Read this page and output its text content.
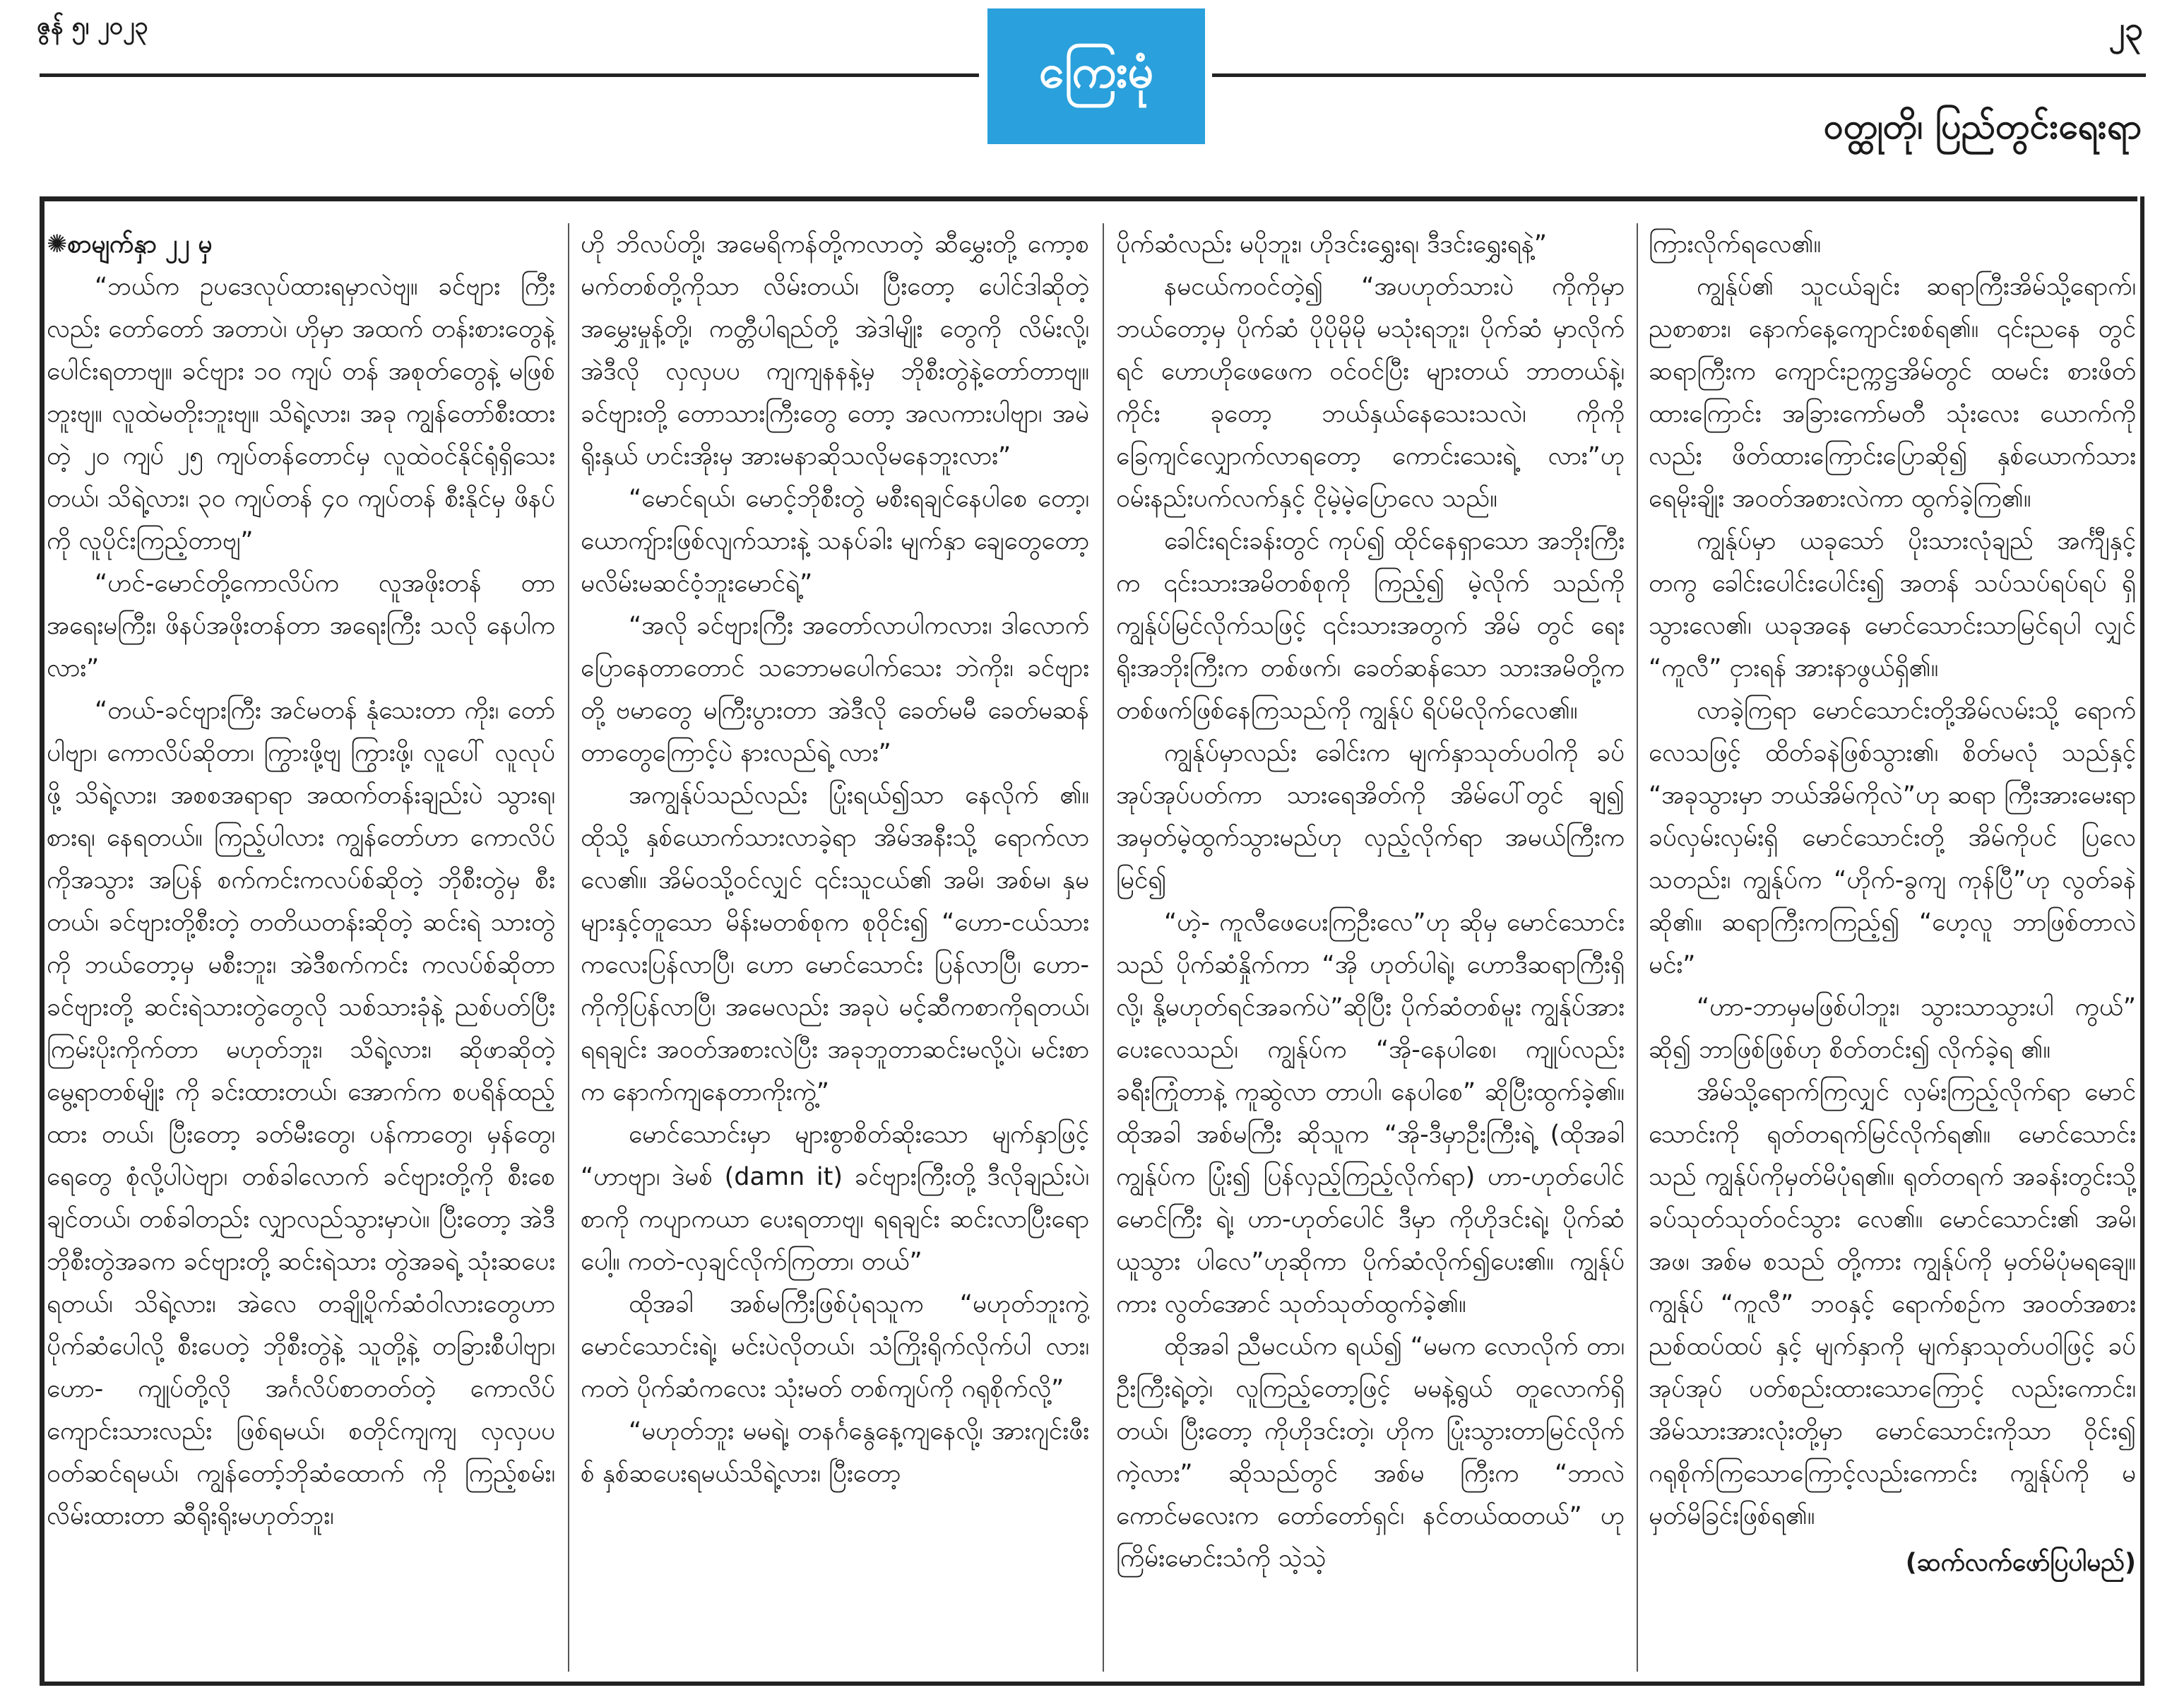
ဇွန် ၅၊ ၂၀၂၃	၂၃
ကြေးမုံ
ဝတ္ထုတို၊ ပြည်တွင်းရေးရာ

✺စာမျက်နှာ ၂၂ မှ

“ဘယ်က ဥပဒေလုပ်ထားရမှာလဲဗျ။ ခင်ဗျား ကြီးလည်း တော်တော် အတာပဲ၊ ဟိုမှာ အထက် တန်းစားတွေနဲ့ ပေါင်းရတာဗျ။ ခင်ဗျား ၁၀ ကျပ် တန် အစုတ်တွေနဲ့ မဖြစ်ဘူးဗျ။ လူထဲမတိုးဘူးဗျ။ သိရဲ့လား၊ အခု ကျွန်တော်စီးထားတဲ့ ၂၀ ကျပ် ၂၅ ကျပ်တန်တောင်မှ လူထဲဝင်နိုင်ရုံရှိသေးတယ်၊ သိရဲ့လား၊ ၃၀ ကျပ်တန် ၄၀ ကျပ်တန် စီးနိုင်မှ ဖိနပ်ကို လူပိုင်းကြည့်တာဗျ”

“ဟင်-မောင်တို့ကောလိပ်က လူအဖိုးတန် တာ အရေးမကြီး၊ ဖိနပ်အဖိုးတန်တာ အရေးကြီး သလို နေပါကလား”

“တယ်-ခင်ဗျားကြီး အင်မတန် နုံသေးတာ ကိုး၊ တော်ပါဗျာ၊ ကောလိပ်ဆိုတာ၊ ကြွားဖို့ဗျ ကြွားဖို့၊ လူပေါ် လူလုပ်ဖို့ သိရဲ့လား၊ အစစအရာရာ အထက်တန်းချည်းပဲ သွားရ၊ စားရ၊ နေရတယ်။ ကြည့်ပါလား ကျွန်တော်ဟာ ကောလိပ်ကိုအသွား အပြန် စက်ကင်းကလပ်စ်ဆိုတဲ့ ဘိုစီးတွဲမှ စီးတယ်၊ ခင်ဗျားတို့စီးတဲ့ တတိယတန်းဆိုတဲ့ ဆင်းရဲ သားတွဲကို ဘယ်တော့မှ မစီးဘူး၊ အဲဒီစက်ကင်း ကလပ်စ်ဆိုတာ ခင်ဗျားတို့ ဆင်းရဲသားတွဲတွေလို သစ်သားခုံနဲ့ ညစ်ပတ်ပြီး ကြမ်းပိုးကိုက်တာ မဟုတ်ဘူး၊ သိရဲ့လား၊ ဆိုဖာဆိုတဲ့ မွေ့ရာတစ်မျိုး ကို ခင်းထားတယ်၊ အောက်က စပရိန်ထည့်ထား တယ်၊ ပြီးတော့ ခတ်မီးတွေ၊ ပန်ကာတွေ၊ မှန်တွေ၊ ရေတွေ စုံလို့ပါပဲဗျာ၊ တစ်ခါလောက် ခင်ဗျားတို့ကို စီးစေချင်တယ်၊ တစ်ခါတည်း လျှာလည်သွားမှာပဲ။ ပြီးတော့ အဲဒီဘိုစီးတွဲအခက ခင်ဗျားတို့ ဆင်းရဲသား တွဲအခရဲ့ သုံးဆပေးရတယ်၊ သိရဲ့လား၊ အဲလေ တချို့ပိုက်ဆံဝါလားတွေဟာ ပိုက်ဆံပေါလို့ စီးပေတဲ့ ဘိုစီးတွဲနဲ့ သူတို့နဲ့ တခြားစီပါဗျာ၊ ဟော- ကျုပ်တို့လို အင်္ဂလိပ်စာတတ်တဲ့ ကောလိပ် ကျောင်းသားလည်း ဖြစ်ရမယ်၊ စတိုင်ကျကျ လှလှပပဝတ်ဆင်ရမယ်၊ ကျွန်တော့်ဘိုဆံထောက် ကို ကြည့်စမ်း၊ လိမ်းထားတာ ဆီရိုးရိုးမဟုတ်ဘူး၊

ဟို ဘိလပ်တို့၊ အမေရိကန်တို့ကလာတဲ့ ဆီမွှေးတို့ ကော့စမက်တစ်တို့ကိုသာ လိမ်းတယ်၊ ပြီးတော့ ပေါင်ဒါဆိုတဲ့ အမွှေးမှုန့်တို့၊ ကတ္တီပါရည်တို့ အဲဒါမျိုး တွေကို လိမ်းလို့၊ အဲဒီလို လှလှပပ ကျကျနနနဲ့မှ ဘိုစီးတွဲနဲ့တော်တာဗျ။ ခင်ဗျားတို့ တောသားကြီးတွေ တော့ အလကားပါဗျာ၊ အမဲရိုးနှယ် ဟင်းအိုးမှ အားမနာဆိုသလိုမနေဘူးလား”

“မောင်ရယ်၊ မောင့်ဘိုစီးတွဲ မစီးရချင်နေပါစေ တော့၊ ယောကျ်ားဖြစ်လျက်သားနဲ့ သနပ်ခါး မျက်နှာ ချေတွေတော့ မလိမ်းမဆင်ဝံ့ဘူးမောင်ရဲ့”

“အလို ခင်ဗျားကြီး အတော်လာပါကလား၊ ဒါလောက် ပြောနေတာတောင် သဘောမပေါက်သေး ဘဲကိုး၊ ခင်ဗျားတို့ ဗမာတွေ မကြီးပွားတာ အဲဒီလို ခေတ်မမီ ခေတ်မဆန်တာတွေကြောင့်ပဲ နားလည်ရဲ့ လား”

အကျွန်ုပ်သည်လည်း ပြုံးရယ်၍သာ နေလိုက် ၏။ ထိုသို့ နှစ်ယောက်သားလာခဲ့ရာ အိမ်အနီးသို့ ရောက်လာလေ၏။ အိမ်ဝသို့ဝင်လျှင် ၎င်းသူငယ်၏ အမိ၊ အစ်မ၊ နှမများနှင့်တူသော မိန်းမတစ်စုက စုဝိုင်း၍ “ဟော-ငယ်သားကလေးပြန်လာပြီ၊ ဟော မောင်သောင်း ပြန်လာပြီ၊ ဟော-ကိုကိုပြန်လာပြီ၊ အမေလည်း အခုပဲ မင့်ဆီကစာကိုရတယ်၊ ရရချင်း အဝတ်အစားလဲပြီး အခုဘူတာဆင်းမလို့ပဲ၊ မင်းစာ က နောက်ကျနေတာကိုးကွဲ့”

မောင်သောင်းမှာ များစွာစိတ်ဆိုးသော မျက်နှာဖြင့် “ဟာဗျာ၊ ဒဲမစ် (damn it) ခင်ဗျားကြီးတို့ ဒီလိုချည်းပဲ၊ စာကို ကပျာကယာ ပေးရတာဗျ၊ ရရချင်း ဆင်းလာပြီးရောပေါ့။ ကတဲ-လှချင်လိုက်ကြတာ၊ တယ်”

ထိုအခါ အစ်မကြီးဖြစ်ပုံရသူက “မဟုတ်ဘူးကွဲ့ မောင်သောင်းရဲ့၊ မင်းပဲလိုတယ်၊ သံကြိုးရိုက်လိုက်ပါ လား၊ ကတဲ ပိုက်ဆံကလေး သုံးမတ် တစ်ကျပ်ကို ဂရုစိုက်လို့”

“မဟုတ်ဘူး မမရဲ့၊ တနင်္ဂနွေနေ့ကျနေလို့၊ အားဂျင်းဖီးစ် နှစ်ဆပေးရမယ်သိရဲ့လား၊ ပြီးတော့

ပိုက်ဆံလည်း မပိုဘူး၊ ဟိုဒင်းရွှေးရ၊ ဒီဒင်းရွှေးရနဲ့”

နမငယ်ကဝင်တဲ့၍ “အပဟုတ်သားပဲ ကိုကိုမှာ ဘယ်တော့မှ ပိုက်ဆံ ပိုပိုမိုမို မသုံးရဘူး၊ ပိုက်ဆံ မှာလိုက်ရင် ဟောဟိုဖေဖေက ဝင်ဝင်ပြီး များတယ် ဘာတယ်နဲ့၊ ကိုင်း ခုတော့ ဘယ်နှယ်နေသေးသလဲ၊ ကိုကို ခြေကျင်လျှောက်လာရတော့ ကောင်းသေးရဲ့ လား”ဟု ဝမ်းနည်းပက်လက်နှင့် ငိုမဲ့မဲ့ပြောလေ သည်။

ခေါင်းရင်းခန်းတွင် ကုပ်၍ ထိုင်နေရှာသော အဘိုးကြီးက ၎င်းသားအမိတစ်စုကို ကြည့်၍ မဲ့လိုက် သည်ကို ကျွန်ုပ်မြင်လိုက်သဖြင့် ၎င်းသားအတွက် အိမ် တွင် ရေးရိုးအဘိုးကြီးက တစ်ဖက်၊ ခေတ်ဆန်သော သားအမိတို့ကတစ်ဖက်ဖြစ်နေကြသည်ကို ကျွန်ုပ် ရိပ်မိလိုက်လေ၏။

ကျွန်ုပ်မှာလည်း ခေါင်းက မျက်နှာသုတ်ပဝါကို ခပ်အုပ်အုပ်ပတ်ကာ သားရေအိတ်ကို အိမ်ပေါ်တွင် ချ၍ အမှတ်မဲ့ထွက်သွားမည်ဟု လှည့်လိုက်ရာ အမယ်ကြီးကမြင်၍

“ဟဲ့- ကူလီဖေပေးကြဦးလေ”ဟု ဆိုမှ မောင်သောင်းသည် ပိုက်ဆံနှိုက်ကာ “အို ဟုတ်ပါရဲ့၊ ဟောဒီဆရာကြီးရှိလို့၊ နို့မဟုတ်ရင်အခက်ပဲ”ဆိုပြီး ပိုက်ဆံတစ်မူး ကျွန်ုပ်အား ပေးလေသည်၊ ကျွန်ုပ်က “အို-နေပါစေ၊ ကျုပ်လည်း ခရီးကြုံတာနဲ့ ကူဆွဲလာ တာပါ၊ နေပါစေ” ဆိုပြီးထွက်ခဲ့၏။ ထိုအခါ အစ်မကြီး ဆိုသူက “အို-ဒီမှာဦးကြီးရဲ့ (ထိုအခါ ကျွန်ုပ်က ပြုံး၍ ပြန်လှည့်ကြည့်လိုက်ရာ) ဟာ-ဟုတ်ပေါင် မောင်ကြီး ရဲ့၊ ဟာ-ဟုတ်ပေါင် ဒီမှာ ကိုဟိုဒင်းရဲ့၊ ပိုက်ဆံယူသွား ပါလေ”ဟုဆိုကာ ပိုက်ဆံလိုက်၍ပေး၏။ ကျွန်ုပ်ကား လွတ်အောင် သုတ်သုတ်ထွက်ခဲ့၏။

ထိုအခါ ညီမငယ်က ရယ်၍ “မမက လောလိုက် တာ၊ ဦးကြီးရဲ့တဲ့၊ လူကြည့်တော့ဖြင့် မမနဲ့ရွယ် တူလောက်ရှိတယ်၊ ပြီးတော့ ကိုဟိုဒင်းတဲ့၊ ဟိုက ပြုံးသွားတာမြင်လိုက်ကဲ့လား” ဆိုသည်တွင် အစ်မ ကြီးက “ဘာလဲ ကောင်မလေးက တော်တော်ရှင်၊ နင်တယ်ထတယ်” ဟု ကြိမ်းမောင်းသံကို သဲ့သဲ့

ကြားလိုက်ရလေ၏။

ကျွန်ုပ်၏ သူငယ်ချင်း ဆရာကြီးအိမ်သို့ရောက်၊ ညစာစား၊ နောက်နေ့ကျောင်းစစ်ရ၏။ ၎င်းညနေ တွင် ဆရာကြီးက ကျောင်းဥက္ကဋ္ဌအိမ်တွင် ထမင်း စားဖိတ်ထားကြောင်း အခြားကော်မတီ သုံးလေး ယောက်ကိုလည်း ဖိတ်ထားကြောင်းပြောဆို၍ နှစ်ယောက်သား ရေမိုးချိုး အဝတ်အစားလဲကာ ထွက်ခဲ့ကြ၏။

ကျွန်ုပ်မှာ ယခုသော် ပိုးသားလုံချည် အင်္ကျီနှင့် တကွ ခေါင်းပေါင်းပေါင်း၍ အတန် သပ်သပ်ရပ်ရပ် ရှိသွားလေ၏၊ ယခုအနေ မောင်သောင်းသာမြင်ရပါ လျှင် “ကူလီ” ငှားရန် အားနာဖွယ်ရှိ၏။

လာခဲ့ကြရာ မောင်သောင်းတို့အိမ်လမ်းသို့ ရောက်လေသဖြင့် ထိတ်ခနဲဖြစ်သွား၏၊ စိတ်မလုံ သည်နှင့် “အခုသွားမှာ ဘယ်အိမ်ကိုလဲ”ဟု ဆရာ ကြီးအားမေးရာ ခပ်လှမ်းလှမ်းရှိ မောင်သောင်းတို့ အိမ်ကိုပင် ပြလေသတည်း၊ ကျွန်ုပ်က “ဟိုက်-ခွကျ ကုန်ပြီ”ဟု လွတ်ခနဲဆို၏။ ဆရာကြီးကကြည့်၍ “ဟေ့လူ ဘာဖြစ်တာလဲမင်း”

“ဟာ-ဘာမှမဖြစ်ပါဘူး၊ သွားသာသွားပါ ကွယ်” ဆို၍ ဘာဖြစ်ဖြစ်ဟု စိတ်တင်း၍ လိုက်ခဲ့ရ ၏။

အိမ်သို့ရောက်ကြလျှင် လှမ်းကြည့်လိုက်ရာ မောင်သောင်းကို ရုတ်တရက်မြင်လိုက်ရ၏။ မောင်သောင်းသည် ကျွန်ုပ်ကိုမှတ်မိပုံရ၏။ ရုတ်တရက် အခန်းတွင်းသို့ ခပ်သုတ်သုတ်ဝင်သွား လေ၏။ မောင်သောင်း၏ အမိ၊ အဖ၊ အစ်မ စသည် တို့ကား ကျွန်ုပ်ကို မှတ်မိပုံမရချေ။ ကျွန်ုပ် “ကူလီ” ဘဝနှင့် ရောက်စဉ်က အဝတ်အစား ညစ်ထပ်ထပ် နှင့် မျက်နှာကို မျက်နှာသုတ်ပဝါဖြင့် ခပ်အုပ်အုပ် ပတ်စည်းထားသောကြောင့် လည်းကောင်း၊ အိမ်သားအားလုံးတို့မှာ မောင်သောင်းကိုသာ ဝိုင်း၍ ဂရုစိုက်ကြသောကြောင့်လည်းကောင်း ကျွန်ုပ်ကို မမှတ်မိခြင်းဖြစ်ရ၏။

(ဆက်လက်ဖော်ပြပါမည်)
